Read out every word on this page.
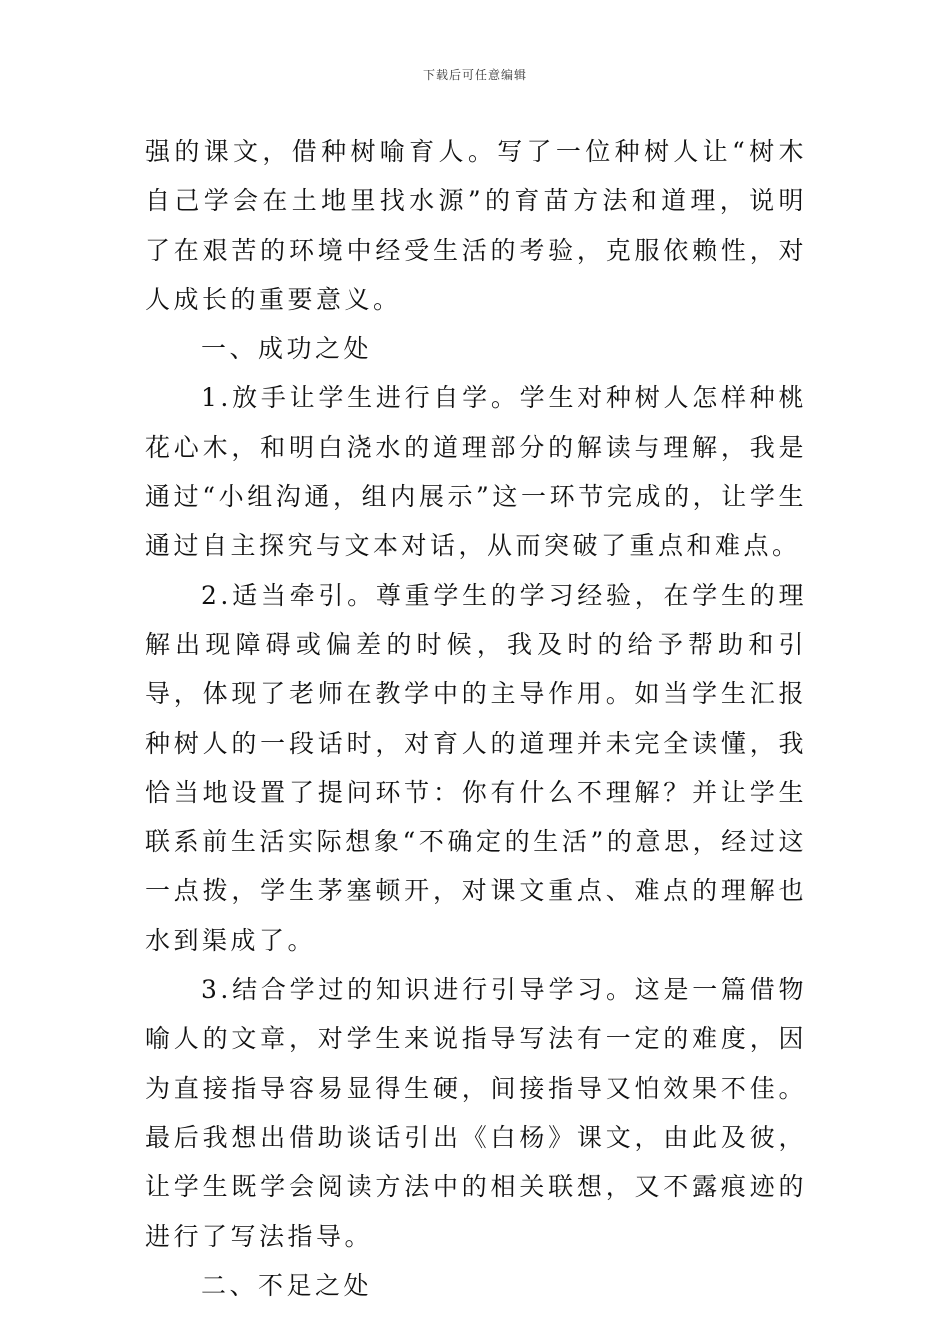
下载后可任意编辑

强的课文，借种树喻育人。写了一位种树人让“树木自己学会在土地里找水源”的育苗方法和道理，说明了在艰苦的环境中经受生活的考验，克服依赖性，对人成长的重要意义。

一、成功之处

1.放手让学生进行自学。学生对种树人怎样种桃花心木，和明白浇水的道理部分的解读与理解，我是通过“小组沟通，组内展示”这一环节完成的，让学生通过自主探究与文本对话，从而突破了重点和难点。

2.适当牵引。尊重学生的学习经验，在学生的理解出现障碍或偏差的时候，我及时的给予帮助和引导，体现了老师在教学中的主导作用。如当学生汇报种树人的一段话时，对育人的道理并未完全读懂，我恰当地设置了提问环节：你有什么不理解？并让学生联系前生活实际想象“不确定的生活”的意思，经过这一点拨，学生茅塞顿开，对课文重点、难点的理解也水到渠成了。

3.结合学过的知识进行引导学习。这是一篇借物喻人的文章，对学生来说指导写法有一定的难度，因为直接指导容易显得生硬，间接指导又怕效果不佳。最后我想出借助谈话引出《白杨》课文，由此及彼，让学生既学会阅读方法中的相关联想，又不露痕迹的进行了写法指导。

二、不足之处
